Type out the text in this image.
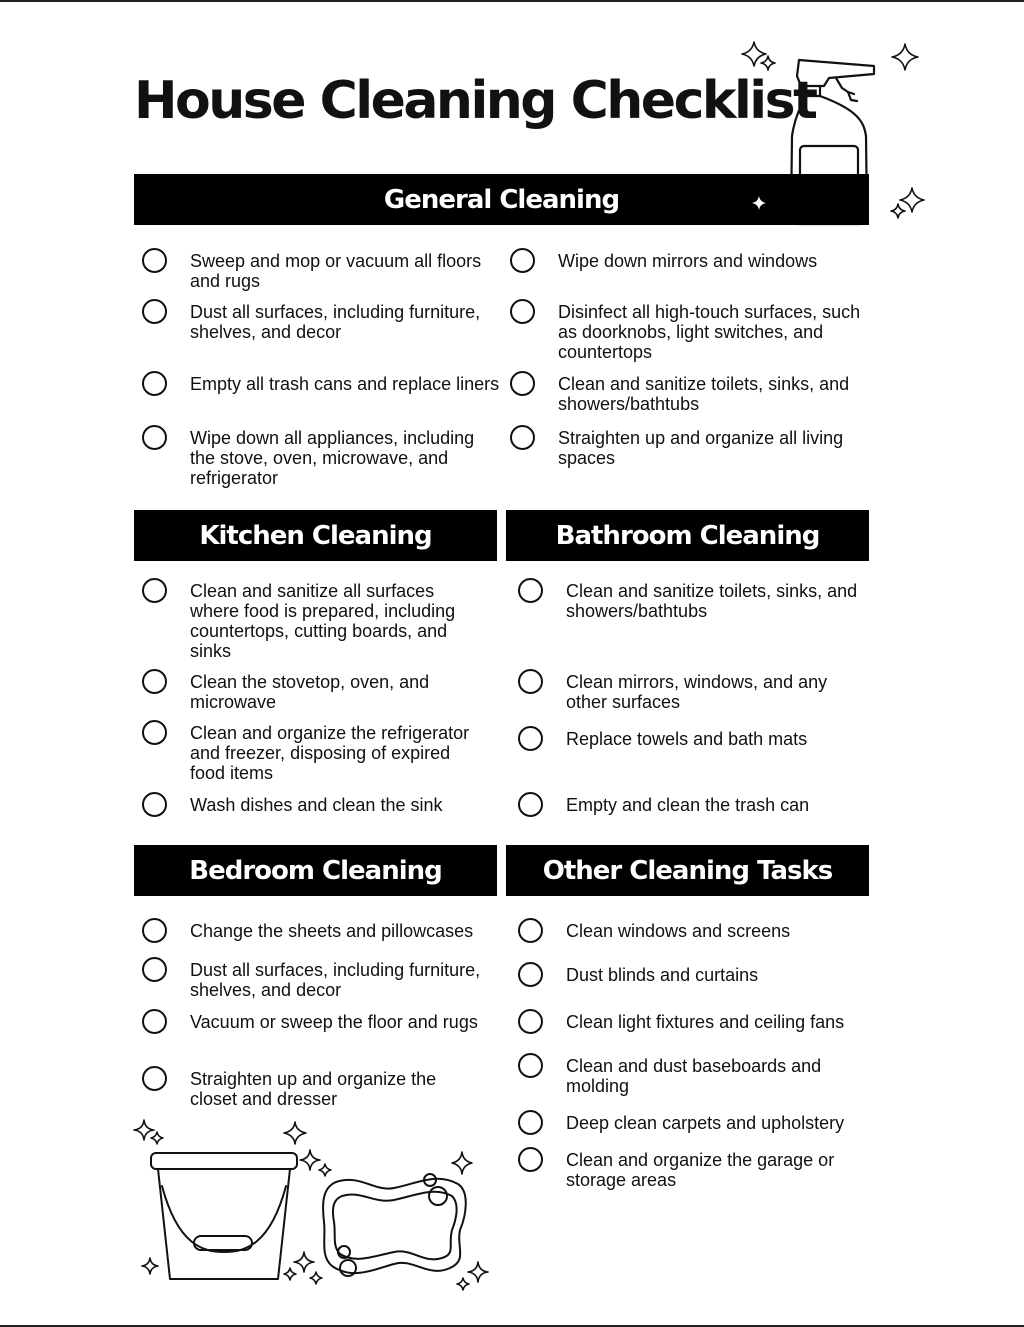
House Cleaning Checklist
General Cleaning
Sweep and mop or vacuum all floors and rugs
Dust all surfaces, including furniture, shelves, and decor
Empty all trash cans and replace liners
Wipe down all appliances, including the stove, oven, microwave, and refrigerator
Wipe down mirrors and windows
Disinfect all high-touch surfaces, such as doorknobs, light switches, and countertops
Clean and sanitize toilets, sinks, and showers/bathtubs
Straighten up and organize all living spaces
Kitchen Cleaning
Clean and sanitize all surfaces where food is prepared, including countertops, cutting boards, and sinks
Clean the stovetop, oven, and microwave
Clean and organize the refrigerator and freezer, disposing of expired food items
Wash dishes and clean the sink
Bathroom Cleaning
Clean and sanitize toilets, sinks, and showers/bathtubs
Clean mirrors, windows, and any other surfaces
Replace towels and bath mats
Empty and clean the trash can
Bedroom Cleaning
Change the sheets and pillowcases
Dust all surfaces, including furniture, shelves, and decor
Vacuum or sweep the floor and rugs
Straighten up and organize the closet and dresser
Other Cleaning Tasks
Clean windows and screens
Dust blinds and curtains
Clean light fixtures and ceiling fans
Clean and dust baseboards and molding
Deep clean carpets and upholstery
Clean and organize the garage or storage areas
